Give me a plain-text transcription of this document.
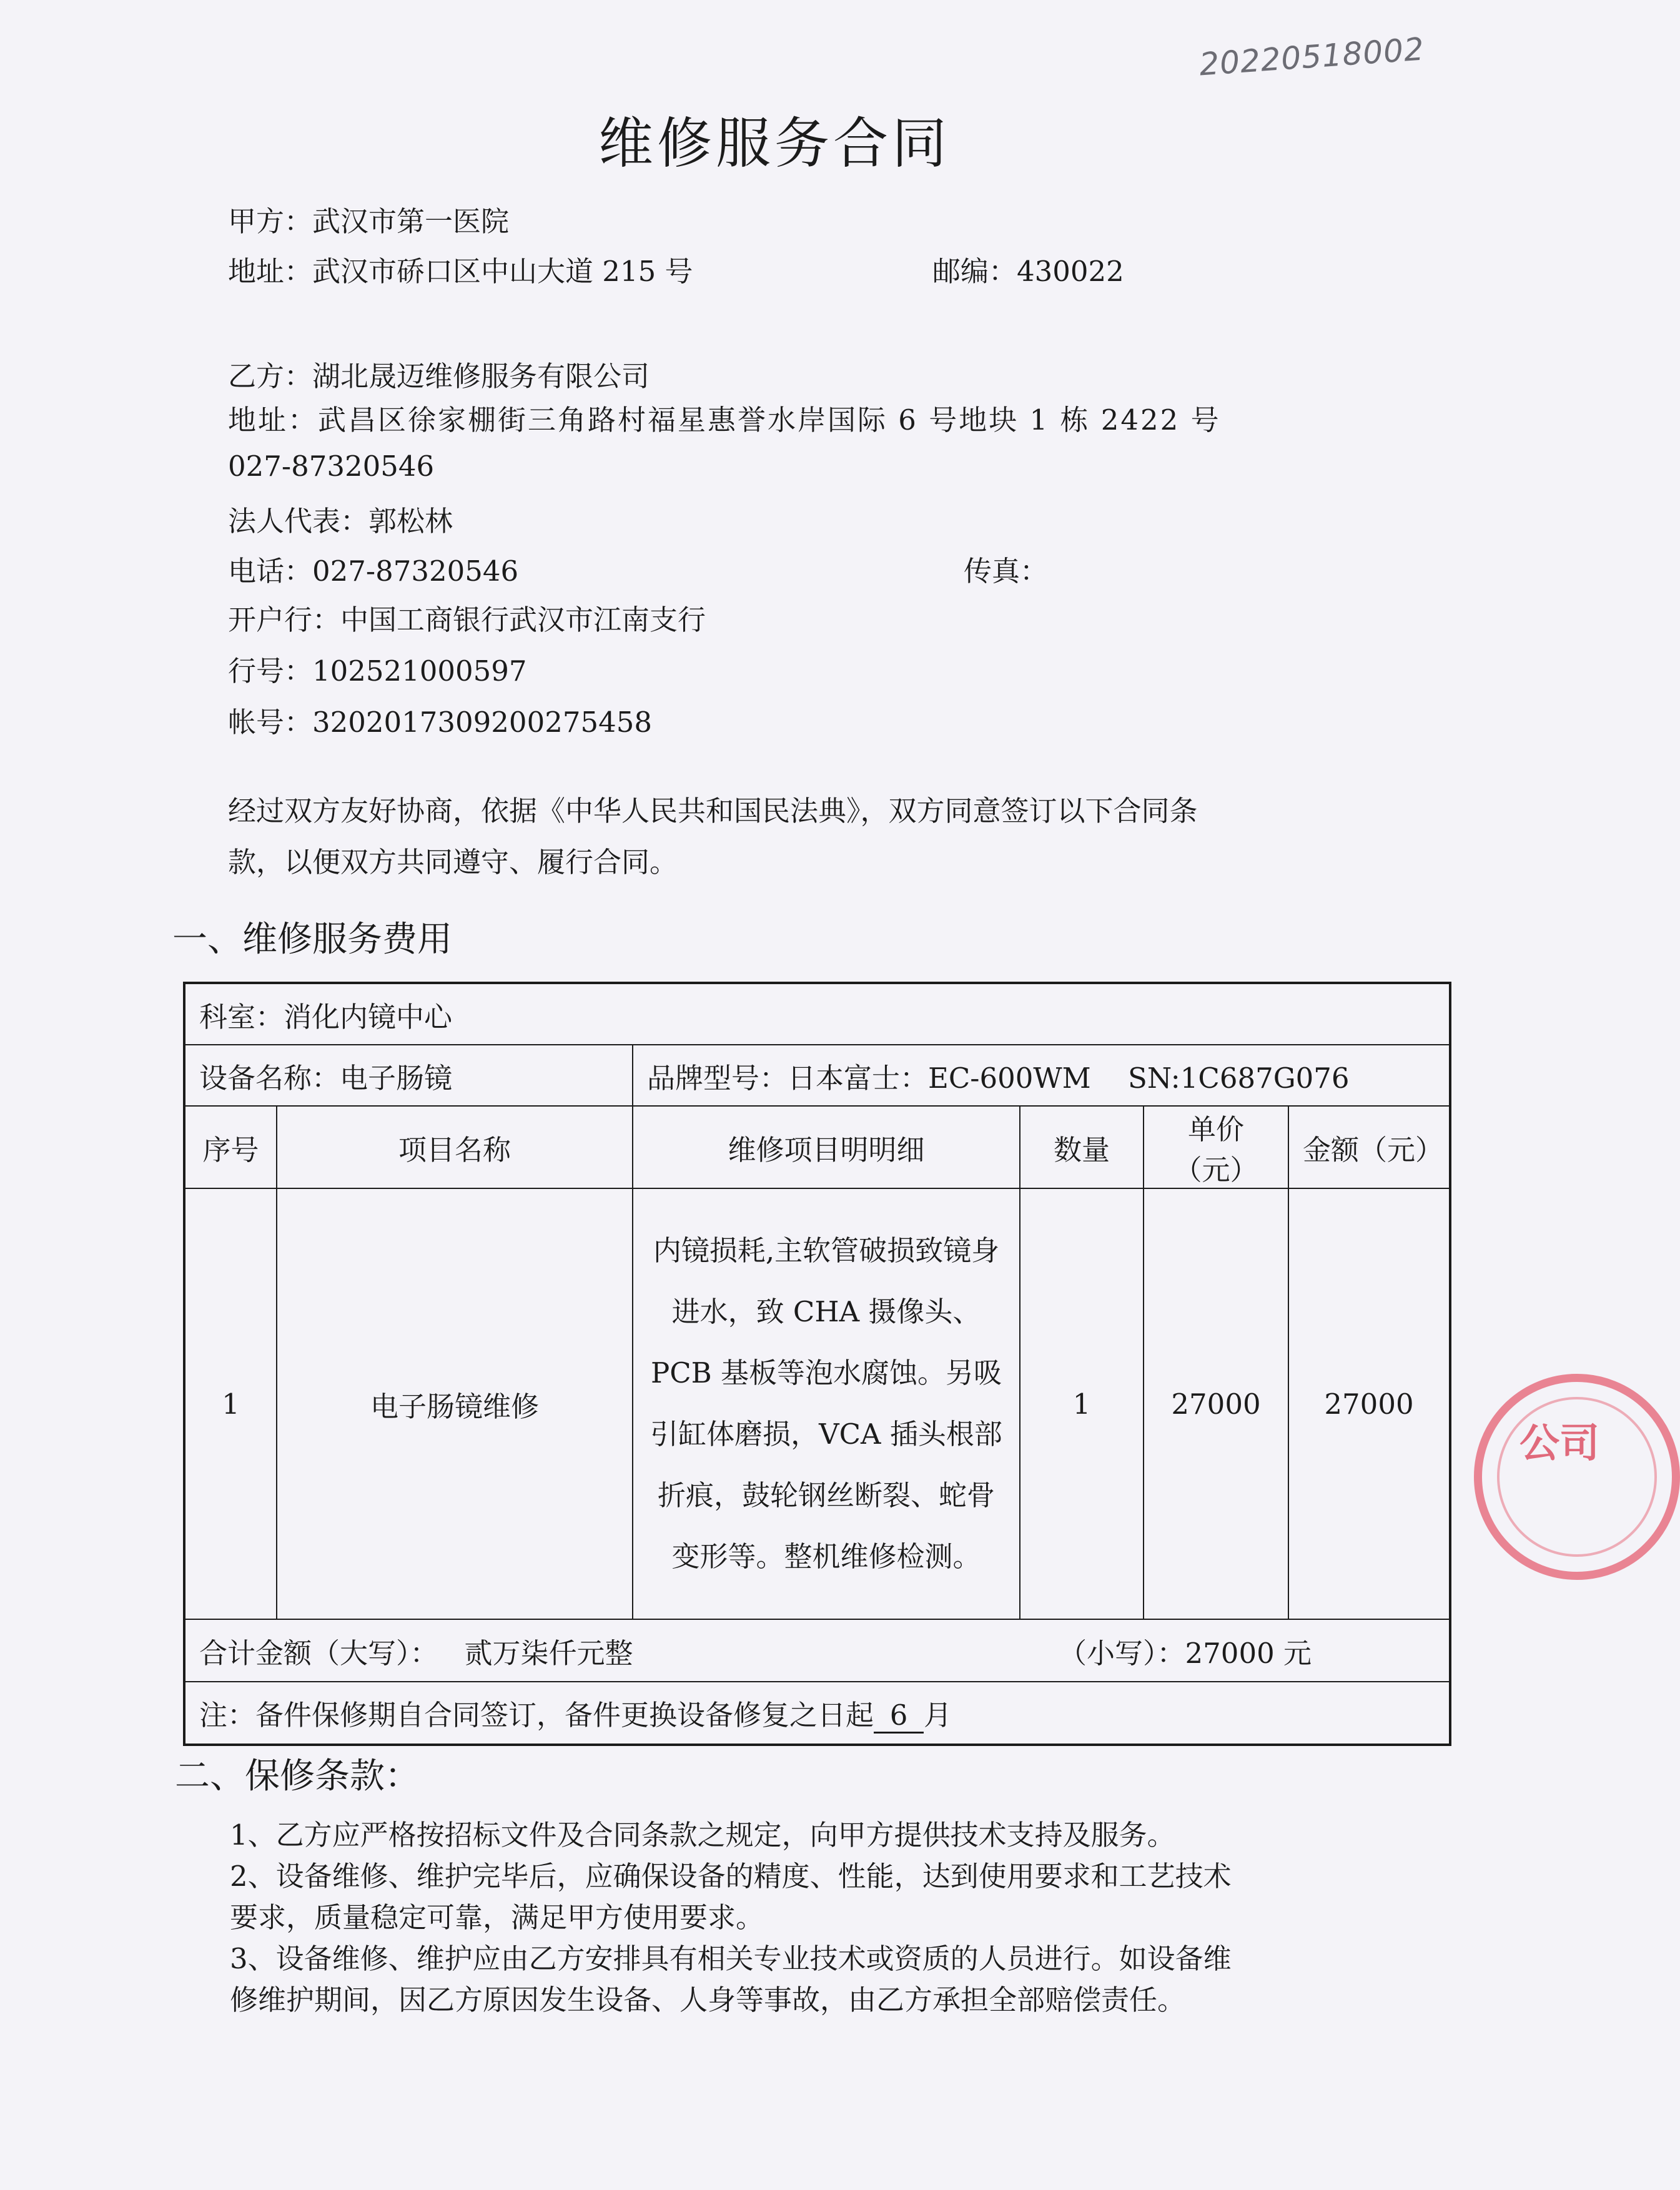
20220518002
维修服务合同
甲方：武汉市第一医院
地址：武汉市硚口区中山大道 215 号	邮编：430022
乙方：湖北晟迈维修服务有限公司
地址：武昌区徐家棚街三角路村福星惠誉水岸国际 6 号地块 1 栋 2422 号
027-87320546
法人代表：郭松林
电话：027-87320546	传真：
开户行：中国工商银行武汉市江南支行
行号：102521000597
帐号：3202017309200275458
经过双方友好协商，依据《中华人民共和国民法典》，双方同意签订以下合同条
款，以便双方共同遵守、履行合同。
一、维修服务费用
科室：消化内镜中心					
设备名称：电子肠镜		品牌型号：日本富士：EC-600WM　 SN:1C687G076			
序号	项目名称	维修项目明明细	数量	单价（元）	金额（元）
1	电子肠镜维修	内镜损耗,主软管破损致镜身进水，致 CHA 摄像头、PCB 基板等泡水腐蚀。另吸引缸体磨损，VCA 插头根部折痕，鼓轮钢丝断裂、蛇骨变形等。整机维修检测。	1	27000	27000
合计金额（大写）： 贰万柒仟元整 （小写）：27000 元					

注：备件保修期自合同签订，备件更换设备修复之日起 6 月					
二、保修条款：
1、乙方应严格按招标文件及合同条款之规定，向甲方提供技术支持及服务。
2、设备维修、维护完毕后，应确保设备的精度、性能，达到使用要求和工艺技术
要求，质量稳定可靠，满足甲方使用要求。
3、设备维修、维护应由乙方安排具有相关专业技术或资质的人员进行。如设备维
修维护期间，因乙方原因发生设备、人身等事故，由乙方承担全部赔偿责任。
公司
